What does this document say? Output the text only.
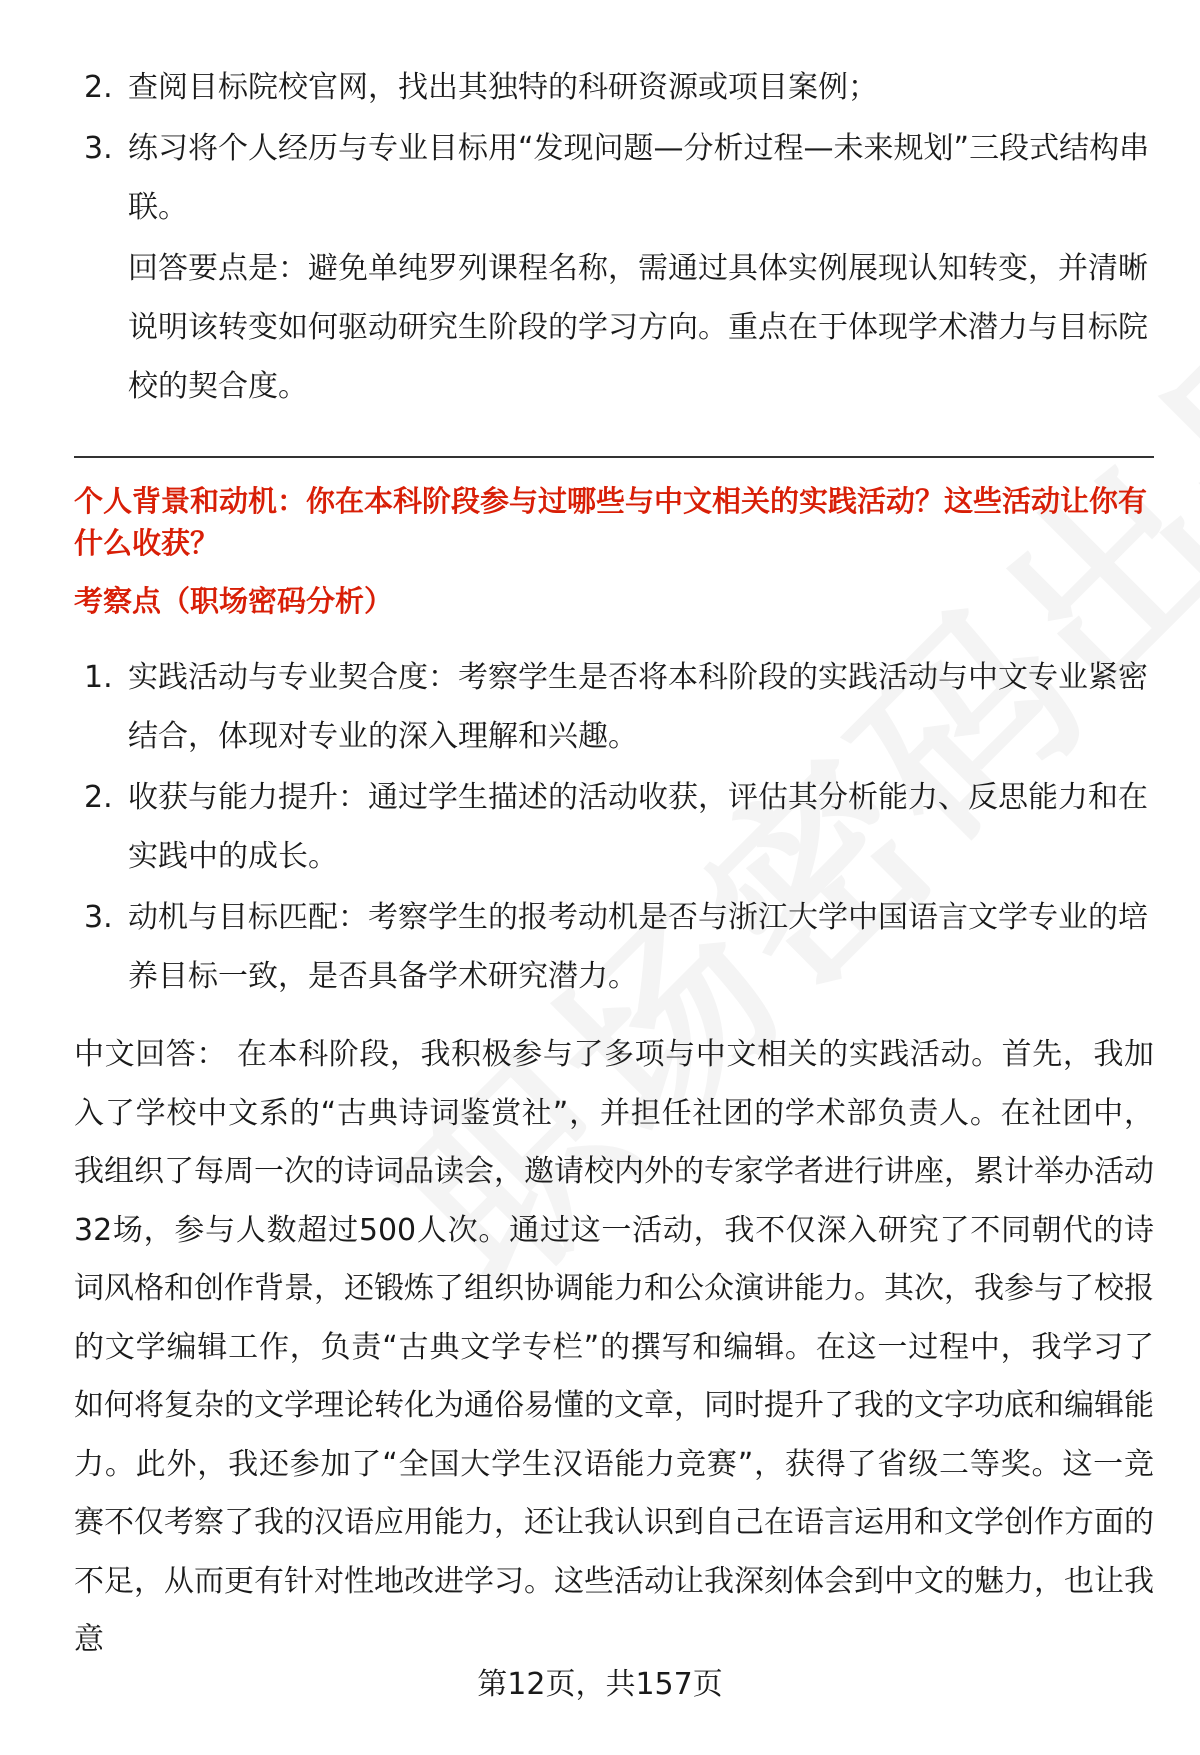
2. 查阅目标院校官网，找出其独特的科研资源或项目案例；
3. 练习将个人经历与专业目标用“发现问题—分析过程—未来规划”三段式结构串联。
回答要点是：避免单纯罗列课程名称，需通过具体实例展现认知转变，并清晰说明该转变如何驱动研究生阶段的学习方向。重点在于体现学术潜力与目标院校的契合度。
个人背景和动机：你在本科阶段参与过哪些与中文相关的实践活动？这些活动让你有什么收获？
考察点（职场密码分析）
1. 实践活动与专业契合度：考察学生是否将本科阶段的实践活动与中文专业紧密结合，体现对专业的深入理解和兴趣。
2. 收获与能力提升：通过学生描述的活动收获，评估其分析能力、反思能力和在实践中的成长。
3. 动机与目标匹配：考察学生的报考动机是否与浙江大学中国语言文学专业的培养目标一致，是否具备学术研究潜力。
中文回答： 在本科阶段，我积极参与了多项与中文相关的实践活动。首先，我加入了学校中文系的“古典诗词鉴赏社”，并担任社团的学术部负责人。在社团中，我组织了每周一次的诗词品读会，邀请校内外的专家学者进行讲座，累计举办活动32场，参与人数超过500人次。通过这一活动，我不仅深入研究了不同朝代的诗词风格和创作背景，还锻炼了组织协调能力和公众演讲能力。其次，我参与了校报的文学编辑工作，负责“古典文学专栏”的撰写和编辑。在这一过程中，我学习了如何将复杂的文学理论转化为通俗易懂的文章，同时提升了我的文字功底和编辑能力。此外，我还参加了“全国大学生汉语能力竞赛”，获得了省级二等奖。这一竞赛不仅考察了我的汉语应用能力，还让我认识到自己在语言运用和文学创作方面的不足，从而更有针对性地改进学习。这些活动让我深刻体会到中文的魅力，也让我意
第12页，共157页
